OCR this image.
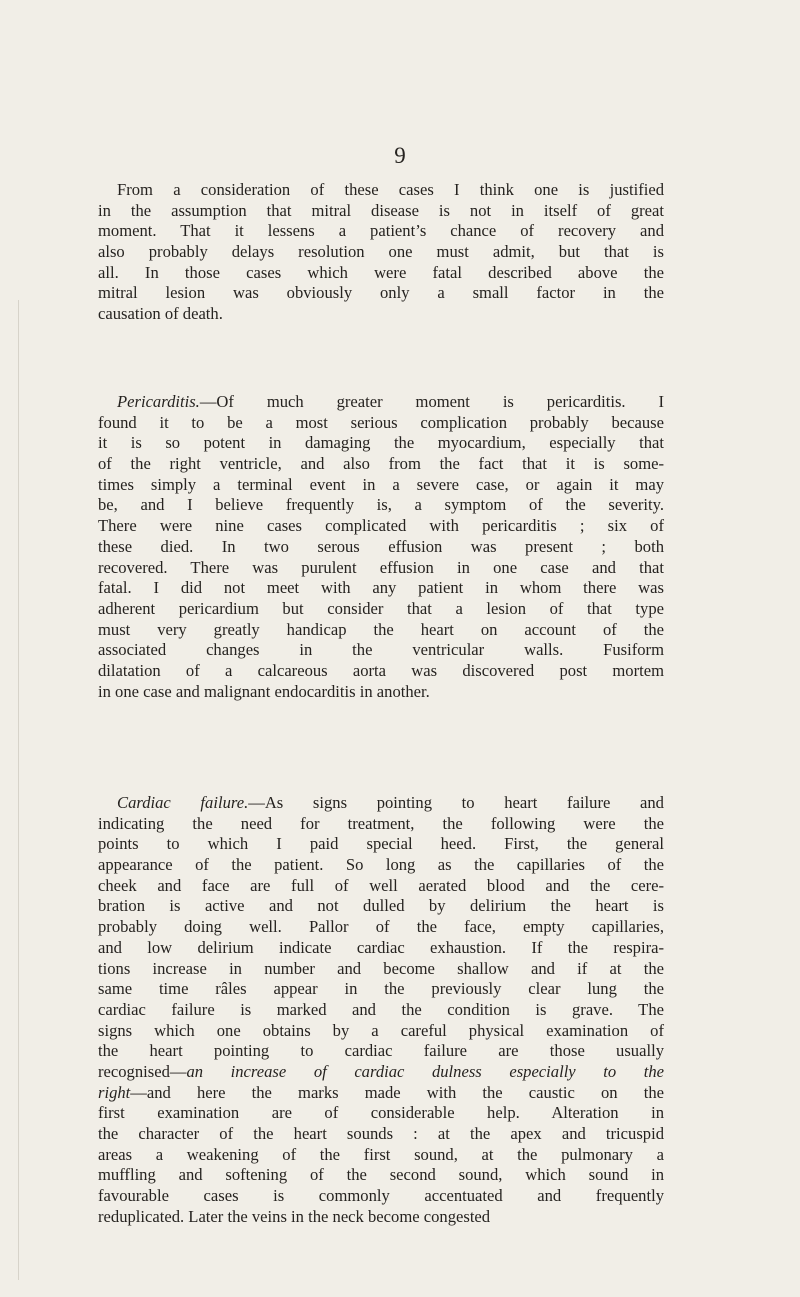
9
From a consideration of these cases I think one is justified
in the assumption that mitral disease is not in itself of great
moment. That it lessens a patient’s chance of recovery and
also probably delays resolution one must admit, but that is
all. In those cases which were fatal described above the
mitral lesion was obviously only a small factor in the
causation of death.
Pericarditis.—Of much greater moment is pericarditis. I
found it to be a most serious complication probably because
it is so potent in damaging the myocardium, especially that
of the right ventricle, and also from the fact that it is some-
times simply a terminal event in a severe case, or again it may
be, and I believe frequently is, a symptom of the severity.
There were nine cases complicated with pericarditis ; six of
these died. In two serous effusion was present ; both
recovered. There was purulent effusion in one case and that
fatal. I did not meet with any patient in whom there was
adherent pericardium but consider that a lesion of that type
must very greatly handicap the heart on account of the
associated changes in the ventricular walls. Fusiform
dilatation of a calcareous aorta was discovered post mortem
in one case and malignant endocarditis in another.
Cardiac failure.—As signs pointing to heart failure and
indicating the need for treatment, the following were the
points to which I paid special heed. First, the general
appearance of the patient. So long as the capillaries of the
cheek and face are full of well aerated blood and the cere-
bration is active and not dulled by delirium the heart is
probably doing well. Pallor of the face, empty capillaries,
and low delirium indicate cardiac exhaustion. If the respira-
tions increase in number and become shallow and if at the
same time râles appear in the previously clear lung the
cardiac failure is marked and the condition is grave. The
signs which one obtains by a careful physical examination of
the heart pointing to cardiac failure are those usually
recognised—an increase of cardiac dulness especially to the
right—and here the marks made with the caustic on the
first examination are of considerable help. Alteration in
the character of the heart sounds : at the apex and tricuspid
areas a weakening of the first sound, at the pulmonary a
muffling and softening of the second sound, which sound in
favourable cases is commonly accentuated and frequently
reduplicated. Later the veins in the neck become congested
